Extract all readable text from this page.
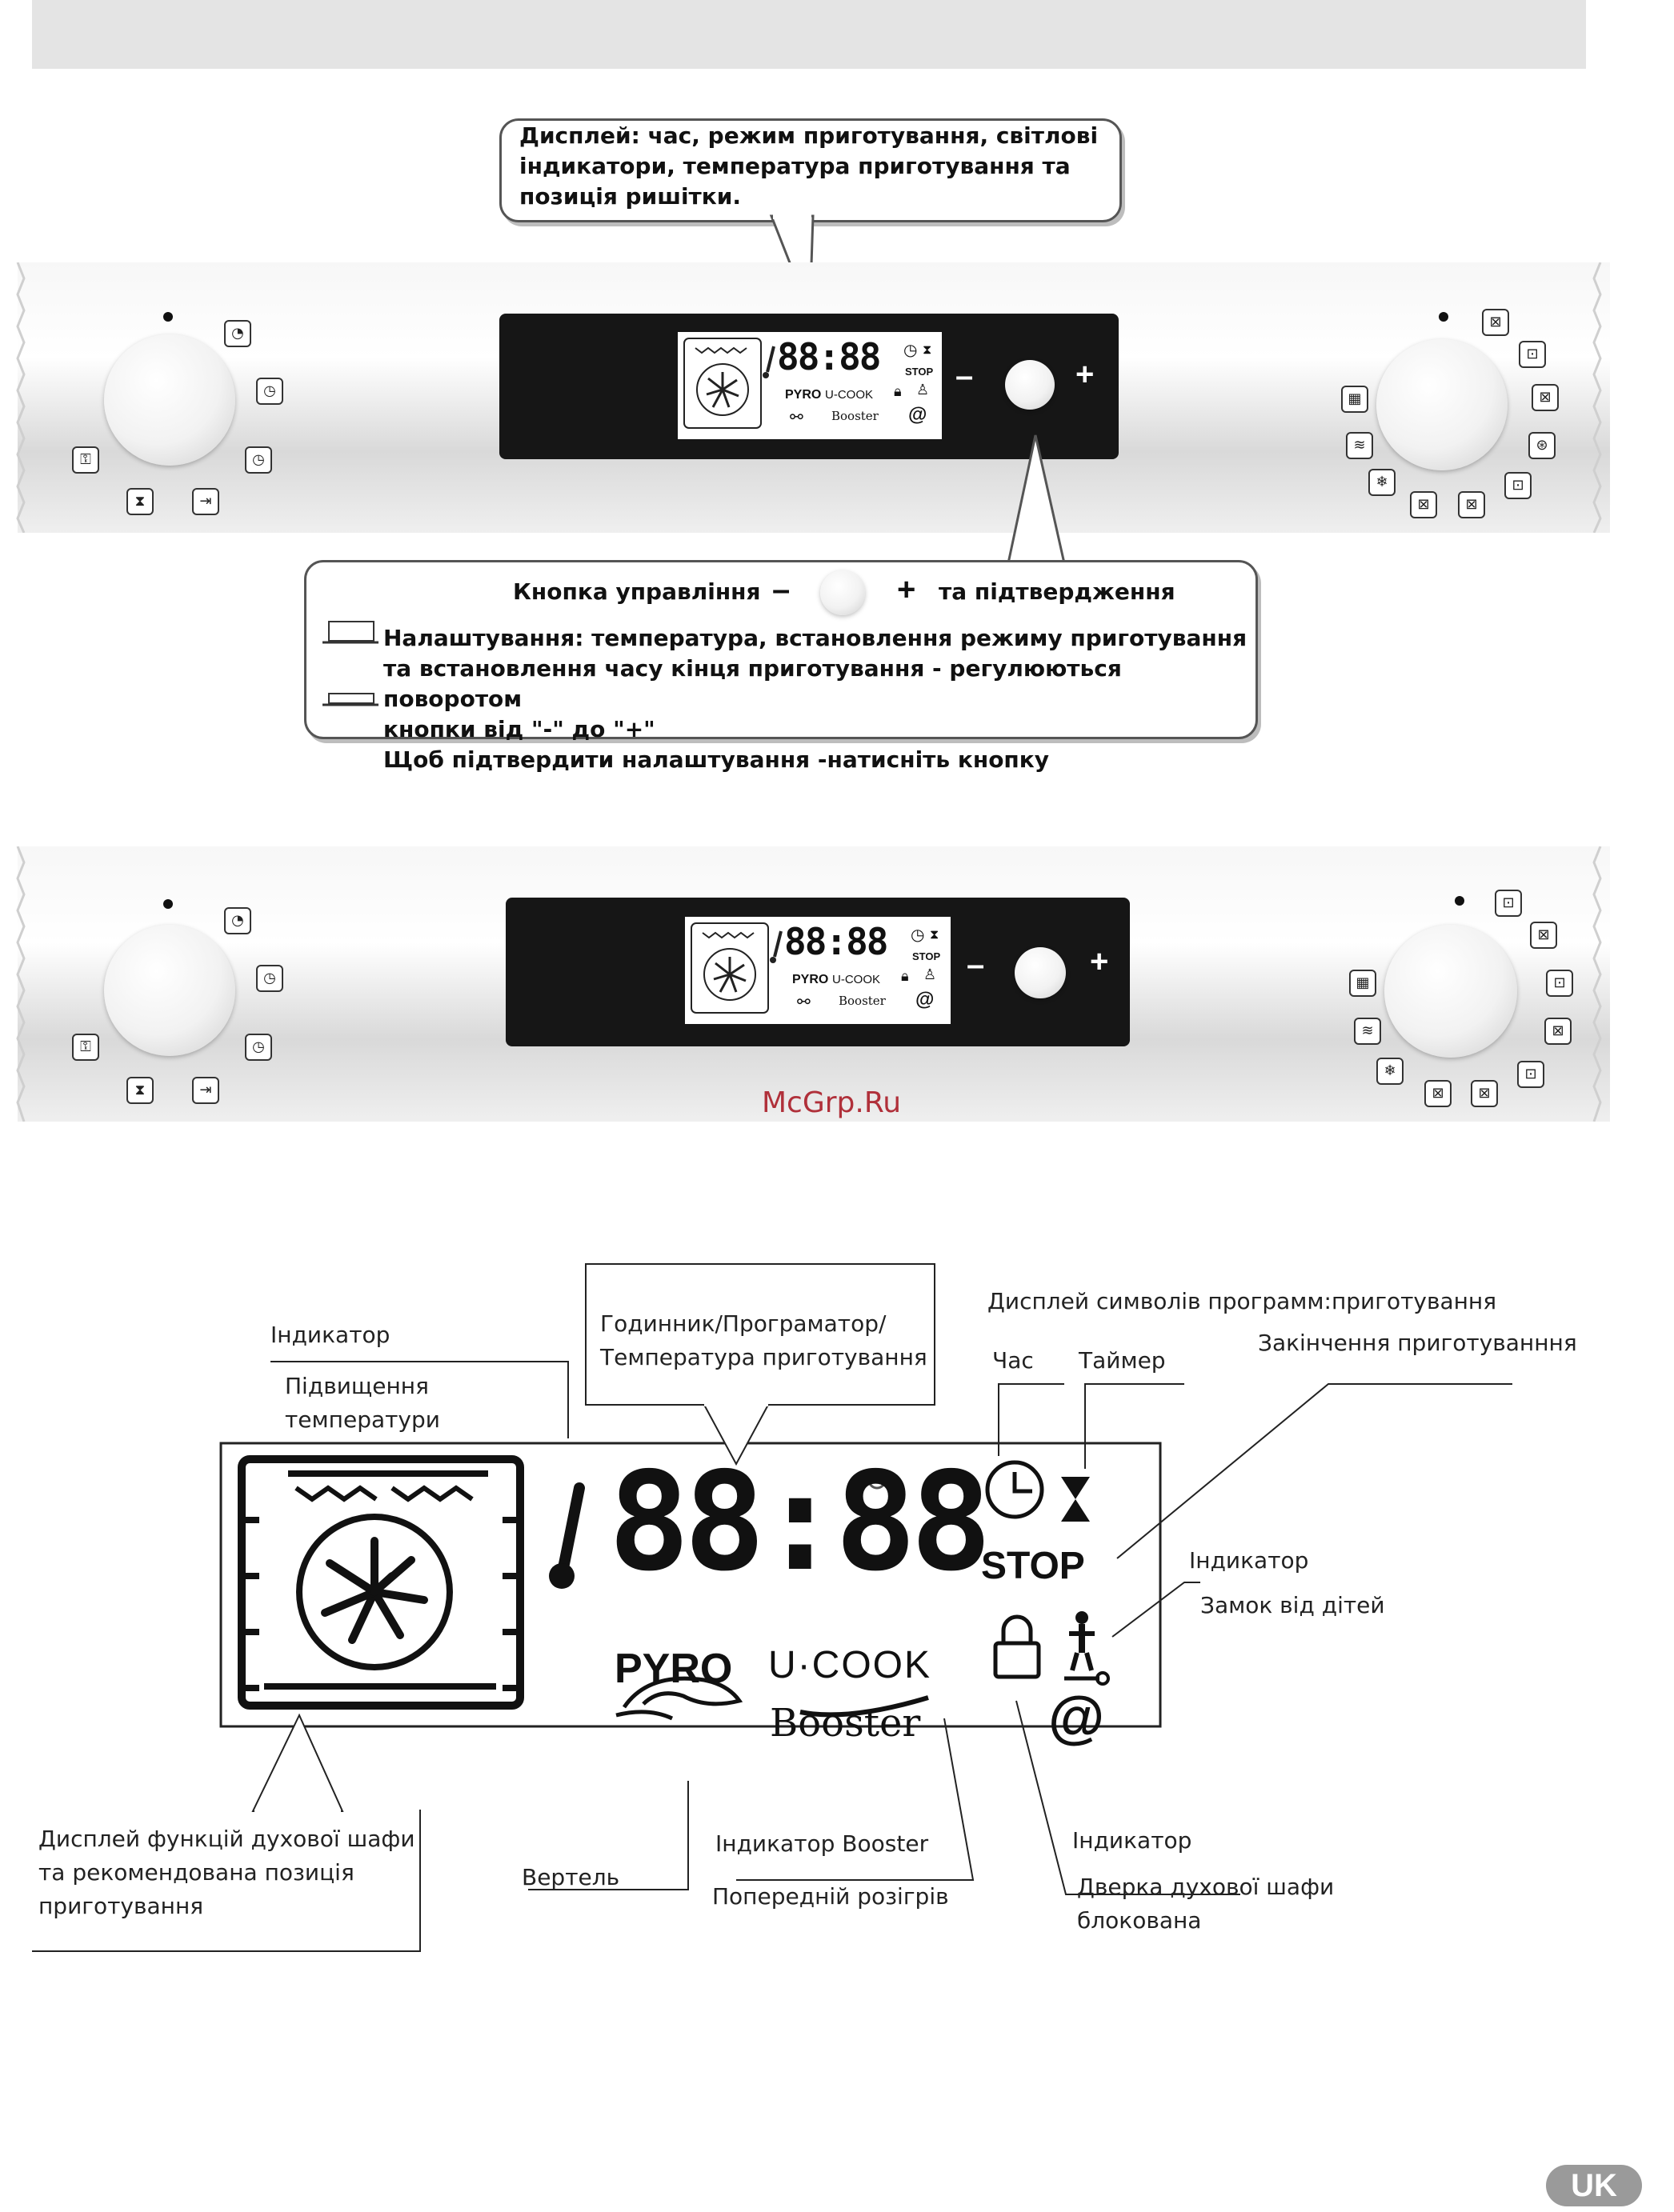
Дисплей: час, режим приготування, світлові
індикатори, температура приготування та
позиція ришітки.
◔
◷
◷
⇥
⧗
⚿
88:88 STOP
◷ ⧗
PYRO U-COOK 🔒︎ ♙
⚯ Booster @
–	+
⊠
⊡
⊠
⊛
⊡
⊠
⊠
❄︎
≋
▦
Кнопка управління –	+ та підтвердження
Налаштування: температура, встановлення режиму приготування
та встановлення часу кінця приготування - регулюються поворотом
кнопки від "-" до "+"
Щоб підтвердити налаштування -натисніть кнопку
◔
◷
◷
⇥
⧗
⚿
88:88 STOP
◷ ⧗
PYRO U-COOK 🔒︎ ♙
⚯ Booster @
–	+
⊡
⊠
⊡
⊠
⊡
⊠
⊠
❄︎
≋
▦
McGrp.Ru
88:88
STOP
PYRO U·COOK
Booster @
Індикатор
Підвищення
температури
Годинник/Програматор/
Температура приготування
Дисплей символів программ:приготування
Час Таймер
Закінчення приготуванння
Індикатор
Замок від дітей
Дисплей функцій духової шафи
та рекомендована позиція
приготування
Вертель
Індикатор Booster
Попередній розігрів
Індикатор
Дверка духової шафи
блокована
UK
